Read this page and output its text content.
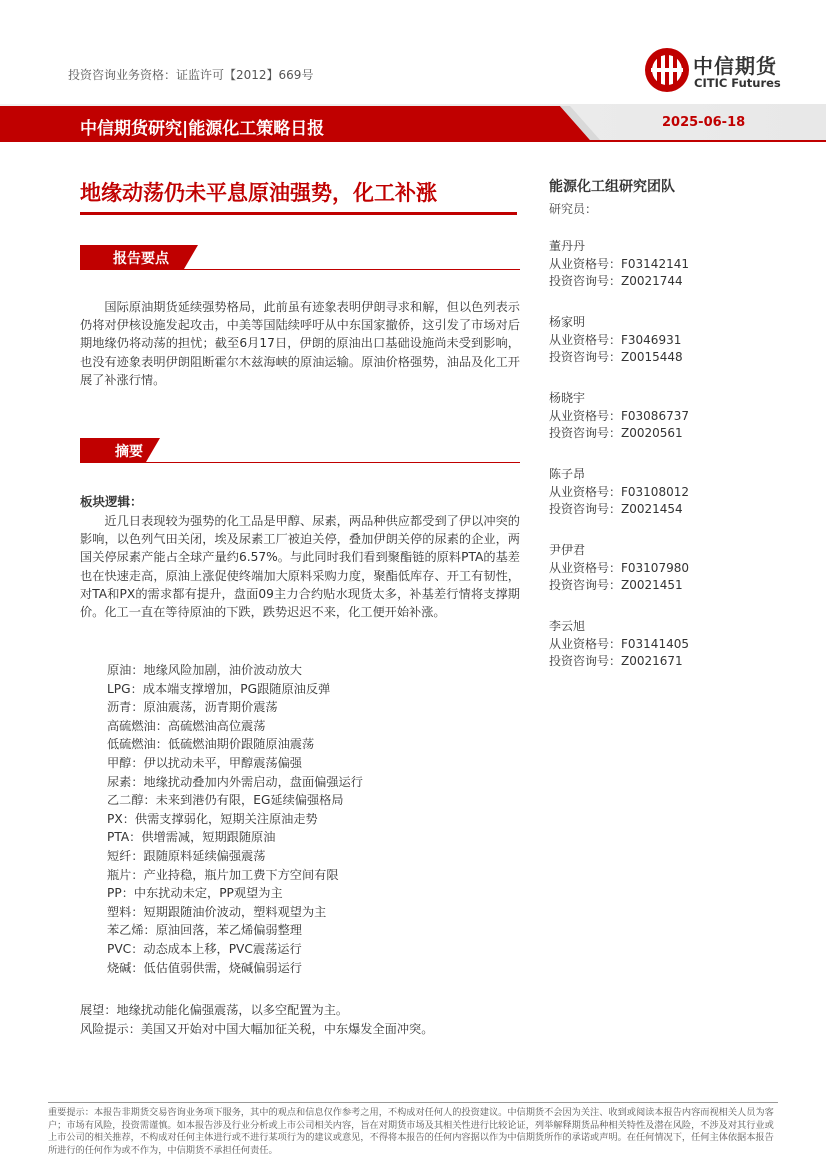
投资咨询业务资格：证监许可【2012】669号	中信期货
CITIC Futures
中信期货研究|能源化工策略日报	2025-06-18
地缘动荡仍未平息原油强势，化工补涨
报告要点

国际原油期货延续强势格局，此前虽有迹象表明伊朗寻求和解，但以色列表示仍将对伊核设施发起攻击，中美等国陆续呼吁从中东国家撤侨，这引发了市场对后期地缘仍将动荡的担忧；截至6月17日，伊朗的原油出口基础设施尚未受到影响，也没有迹象表明伊朗阻断霍尔木兹海峡的原油运输。原油价格强势，油品及化工开展了补涨行情。

摘要
板块逻辑：

近几日表现较为强势的化工品是甲醇、尿素，两品种供应都受到了伊以冲突的影响，以色列气田关闭，埃及尿素工厂被迫关停，叠加伊朗关停的尿素的企业，两国关停尿素产能占全球产量约6.57%。与此同时我们看到聚酯链的原料PTA的基差也在快速走高，原油上涨促使终端加大原料采购力度，聚酯低库存、开工有韧性，对TA和PX的需求都有提升，盘面09主力合约贴水现货太多，补基差行情将支撑期价。化工一直在等待原油的下跌，跌势迟迟不来，化工便开始补涨。

原油：地缘风险加剧，油价波动放大
LPG：成本端支撑增加，PG跟随原油反弹
沥青：原油震荡，沥青期价震荡
高硫燃油：高硫燃油高位震荡
低硫燃油：低硫燃油期价跟随原油震荡
甲醇：伊以扰动未平，甲醇震荡偏强
尿素：地缘扰动叠加内外需启动，盘面偏强运行
乙二醇：未来到港仍有限，EG延续偏强格局
PX：供需支撑弱化，短期关注原油走势
PTA：供增需减，短期跟随原油
短纤：跟随原料延续偏强震荡
瓶片：产业持稳，瓶片加工费下方空间有限
PP：中东扰动未定，PP观望为主
塑料：短期跟随油价波动，塑料观望为主
苯乙烯：原油回落，苯乙烯偏弱整理
PVC：动态成本上移，PVC震荡运行
烧碱：低估值弱供需，烧碱偏弱运行
展望：地缘扰动能化偏强震荡，以多空配置为主。
风险提示：美国又开始对中国大幅加征关税，中东爆发全面冲突。
能源化工组研究团队
研究员：
董丹丹
从业资格号：F03142141
投资咨询号：Z0021744
杨家明
从业资格号：F3046931
投资咨询号：Z0015448
杨晓宇
从业资格号：F03086737
投资咨询号：Z0020561
陈子昂
从业资格号：F03108012
投资咨询号：Z0021454
尹伊君
从业资格号：F03107980
投资咨询号：Z0021451
李云旭
从业资格号：F03141405
投资咨询号：Z0021671
重要提示：本报告非期货交易咨询业务项下服务，其中的观点和信息仅作参考之用，不构成对任何人的投资建议。中信期货不会因为关注、收到或阅读本报告内容而视相关人员为客户；市场有风险，投资需谨慎。如本报告涉及行业分析或上市公司相关内容，旨在对期货市场及其相关性进行比较论证，列举解释期货品种相关特性及潜在风险，不涉及对其行业或上市公司的相关推荐，不构成对任何主体进行或不进行某项行为的建议或意见，不得将本报告的任何内容据以作为中信期货所作的承诺或声明。在任何情况下，任何主体依据本报告所进行的任何作为或不作为，中信期货不承担任何责任。
